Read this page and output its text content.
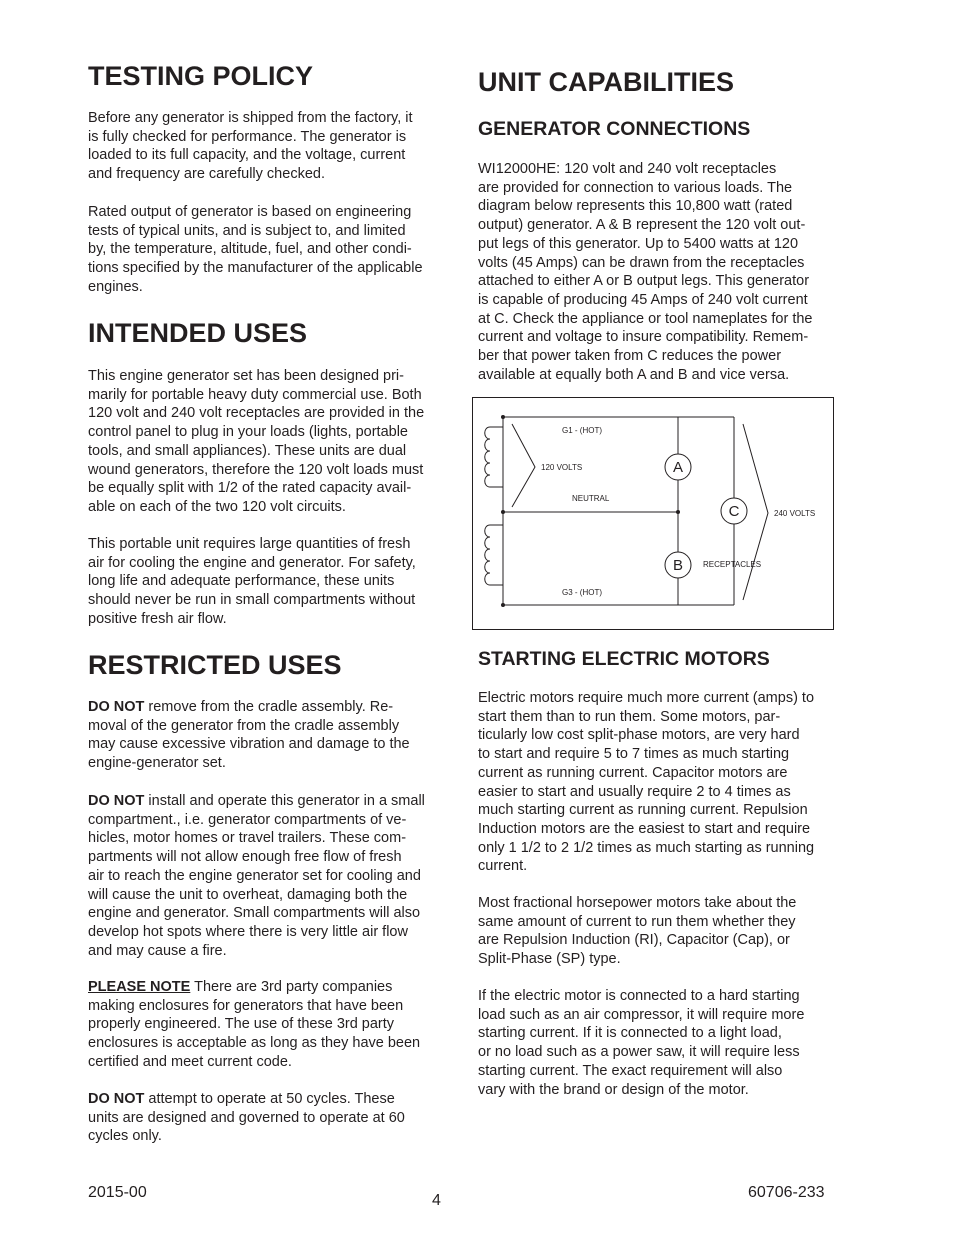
TESTING POLICY

Before any generator is shipped from the factory, it
is fully checked for performance. The generator is
loaded to its full capacity, and the voltage, current
and frequency are carefully checked.

Rated output of generator is based on engineering
tests of typical units, and is subject to, and limited
by, the temperature, altitude, fuel, and other condi-
tions specified by the manufacturer of the applicable
engines.

INTENDED USES

This engine generator set has been designed pri-
marily for portable heavy duty commercial use. Both
120 volt and 240 volt receptacles are provided in the
control panel to plug in your loads (lights, portable
tools, and small appliances). These units are dual
wound generators, therefore the 120 volt loads must
be equally split with 1/2 of the rated capacity avail-
able on each of the two 120 volt circuits.

This portable unit requires large quantities of fresh
air for cooling the engine and generator. For safety,
long life and adequate performance, these units
should never be run in small compartments without
positive fresh air flow.

RESTRICTED USES

DO NOT remove from the cradle assembly. Re-
moval of the generator from the cradle assembly
may cause excessive vibration and damage to the
engine-generator set.

DO NOT install and operate this generator in a small
compartment., i.e. generator compartments of ve-
hicles, motor homes or travel trailers. These com-
partments will not allow enough free flow of fresh
air to reach the engine generator set for cooling and
will cause the unit to overheat, damaging both the
engine and generator. Small compartments will also
develop hot spots where there is very little air flow
and may cause a fire.

PLEASE NOTE There are 3rd party companies
making enclosures for generators that have been
properly engineered. The use of these 3rd party
enclosures is acceptable as long as they have been
certified and meet current code.

DO NOT attempt to operate at 50 cycles. These
units are designed and governed to operate at 60
cycles only.

UNIT CAPABILITIES
GENERATOR CONNECTIONS

WI12000HE: 120 volt and 240 volt receptacles
are provided for connection to various loads. The
diagram below represents this 10,800 watt (rated
output) generator. A & B represent the 120 volt out-
put legs of this generator. Up to 5400 watts at 120
volts (45 Amps) can be drawn from the receptacles
attached to either A or B output legs. This generator
is capable of producing 45 Amps of 240 volt current
at C. Check the appliance or tool nameplates for the
current and voltage to insure compatibility. Remem-
ber that power taken from C reduces the power
available at equally both A and B and vice versa.

STARTING ELECTRIC MOTORS

Electric motors require much more current (amps) to
start them than to run them. Some motors, par-
ticularly low cost split-phase motors, are very hard
to start and require 5 to 7 times as much starting
current as running current. Capacitor motors are
easier to start and usually require 2 to 4 times as
much starting current as running current. Repulsion
Induction motors are the easiest to start and require
only 1 1/2 to 2 1/2 times as much starting as running
current.

Most fractional horsepower motors take about the
same amount of current to run them whether they
are Repulsion Induction (RI), Capacitor (Cap), or
Split-Phase (SP) type.

If the electric motor is connected to a hard starting
load such as an air compressor, it will require more
starting current. If it is connected to a light load,
or no load such as a power saw, it will require less
starting current. The exact requirement will also
vary with the brand or design of the motor.

G1 - (HOT)
120 VOLTS
NEUTRAL
G3 - (HOT)
A
C
B
240 VOLTS
RECEPTACLES
2015-00	4	60706-233
